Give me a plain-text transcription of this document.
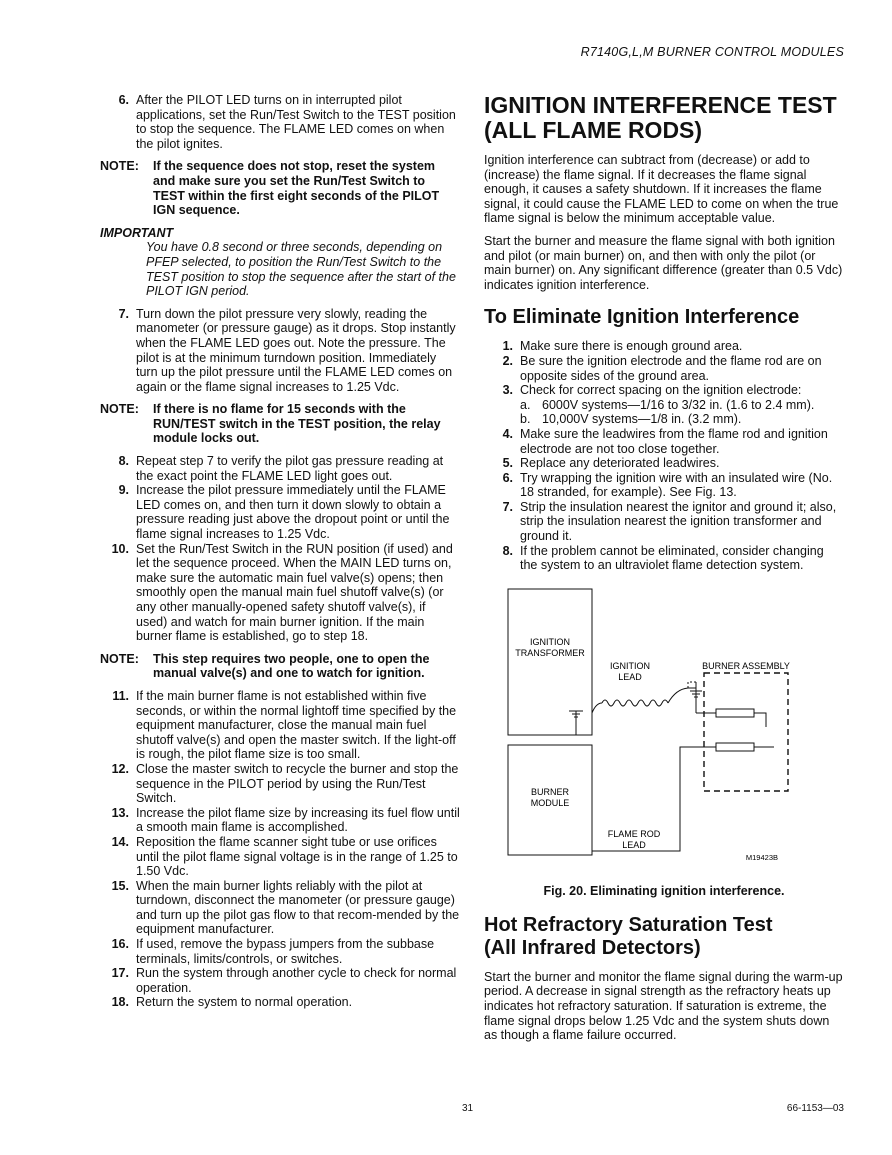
R7140G,L,M BURNER CONTROL MODULES
6. After the PILOT LED turns on in interrupted pilot applications, set the Run/Test Switch to the TEST position to stop the sequence. The FLAME LED comes on when the pilot ignites.
NOTE:	If the sequence does not stop, reset the system and make sure you set the Run/Test Switch to TEST within the first eight seconds of the PILOT IGN sequence.
IMPORTANT
You have 0.8 second or three seconds, depending on PFEP selected, to position the Run/Test Switch to the TEST position to stop the sequence after the start of the PILOT IGN period.
7. Turn down the pilot pressure very slowly, reading the manometer (or pressure gauge) as it drops. Stop instantly when the FLAME LED goes out. Note the pressure. The pilot is at the minimum turndown position. Immediately turn up the pilot pressure until the FLAME LED comes on again or the flame signal increases to 1.25 Vdc.
NOTE:	If there is no flame for 15 seconds with the RUN/TEST switch in the TEST position, the relay module locks out.
8. Repeat step 7 to verify the pilot gas pressure reading at the exact point the FLAME LED light goes out.
9. Increase the pilot pressure immediately until the FLAME LED comes on, and then turn it down slowly to obtain a pressure reading just above the dropout point or until the flame signal increases to 1.25 Vdc.
10. Set the Run/Test Switch in the RUN position (if used) and let the sequence proceed. When the MAIN LED turns on, make sure the automatic main fuel valve(s) opens; then smoothly open the manual main fuel shutoff valve(s) (or any other manually-opened safety shutoff valve(s), if used) and watch for main burner ignition. If the main burner flame is established, go to step 18.
NOTE:	This step requires two people, one to open the manual valve(s) and one to watch for ignition.
11. If the main burner flame is not established within five seconds, or within the normal lightoff time specified by the equipment manufacturer, close the manual main fuel shutoff valve(s) and open the master switch. If the light-off is rough, the pilot flame size is too small.
12. Close the master switch to recycle the burner and stop the sequence in the PILOT period by using the Run/Test Switch.
13. Increase the pilot flame size by increasing its fuel flow until a smooth main flame is accomplished.
14. Reposition the flame scanner sight tube or use orifices until the pilot flame signal voltage is in the range of 1.25 to 1.50 Vdc.
15. When the main burner lights reliably with the pilot at turndown, disconnect the manometer (or pressure gauge) and turn up the pilot gas flow to that recom-mended by the equipment manufacturer.
16. If used, remove the bypass jumpers from the subbase terminals, limits/controls, or switches.
17. Run the system through another cycle to check for normal operation.
18. Return the system to normal operation.
IGNITION INTERFERENCE TEST (ALL FLAME RODS)

Ignition interference can subtract from (decrease) or add to (increase) the flame signal. If it decreases the flame signal enough, it causes a safety shutdown. If it increases the flame signal, it could cause the FLAME LED to come on when the true flame signal is below the minimum acceptable value.

Start the burner and measure the flame signal with both ignition and pilot (or main burner) on, and then with only the pilot (or main burner) on. Any significant difference (greater than 0.5 Vdc) indicates ignition interference.

To Eliminate Ignition Interference
1. Make sure there is enough ground area.
2. Be sure the ignition electrode and the flame rod are on opposite sides of the ground area.
3. Check for correct spacing on the ignition electrode:
a. 6000V systems—1/16 to 3/32 in. (1.6 to 2.4 mm).
b. 10,000V systems—1/8 in. (3.2 mm).
4. Make sure the leadwires from the flame rod and ignition electrode are not too close together.
5. Replace any deteriorated leadwires.
6. Try wrapping the ignition wire with an insulated wire (No. 18 stranded, for example). See Fig. 13.
7. Strip the insulation nearest the ignitor and ground it; also, strip the insulation nearest the ignition transformer and ground it.
8. If the problem cannot be eliminated, consider changing the system to an ultraviolet flame detection system.
IGNITION
TRANSFORMER
IGNITION
LEAD
BURNER ASSEMBLY
BURNER
MODULE
FLAME ROD
LEAD
M19423B
Fig. 20. Eliminating ignition interference.
Hot Refractory Saturation Test
(All Infrared Detectors)

Start the burner and monitor the flame signal during the warm-up period. A decrease in signal strength as the refractory heats up indicates hot refractory saturation. If saturation is extreme, the flame signal drops below 1.25 Vdc and the system shuts down as though a flame failure occurred.

31	66-1153—03
